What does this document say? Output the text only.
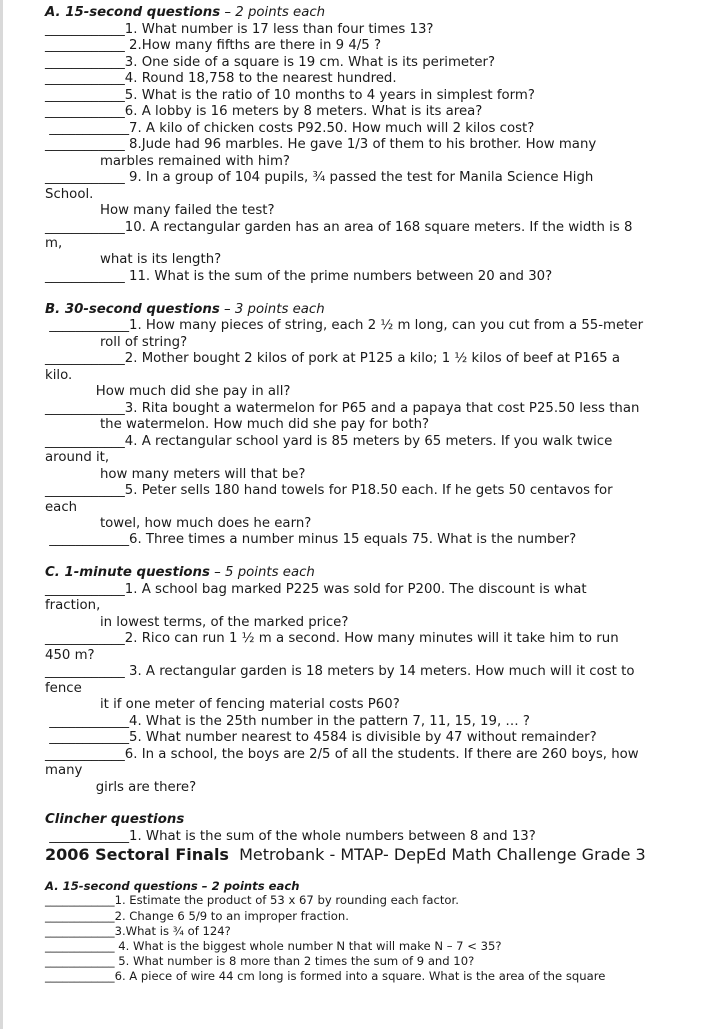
A. 15-second questions – 2 points each
____________1. What number is 17 less than four times 13?
____________ 2.How many fifths are there in 9 4/5 ?
____________3. One side of a square is 19 cm. What is its perimeter?
____________4. Round 18,758 to the nearest hundred.
____________5. What is the ratio of 10 months to 4 years in simplest form?
____________6. A lobby is 16 meters by 8 meters. What is its area?
____________7. A kilo of chicken costs P92.50. How much will 2 kilos cost?
____________ 8.Jude had 96 marbles. He gave 1/3 of them to his brother. How many
marbles remained with him?
____________ 9. In a group of 104 pupils, ¾ passed the test for Manila Science High
School.
How many failed the test?
____________10. A rectangular garden has an area of 168 square meters. If the width is 8
m,
what is its length?
____________ 11. What is the sum of the prime numbers between 20 and 30?
B. 30-second questions – 3 points each
____________1. How many pieces of string, each 2 ½ m long, can you cut from a 55-meter
roll of string?
____________2. Mother bought 2 kilos of pork at P125 a kilo; 1 ½ kilos of beef at P165 a
kilo.
How much did she pay in all?
____________3. Rita bought a watermelon for P65 and a papaya that cost P25.50 less than
the watermelon. How much did she pay for both?
____________4. A rectangular school yard is 85 meters by 65 meters. If you walk twice
around it,
how many meters will that be?
____________5. Peter sells 180 hand towels for P18.50 each. If he gets 50 centavos for
each
towel, how much does he earn?
____________6. Three times a number minus 15 equals 75. What is the number?
C. 1-minute questions – 5 points each
____________1. A school bag marked P225 was sold for P200. The discount is what
fraction,
in lowest terms, of the marked price?
____________2. Rico can run 1 ½ m a second. How many minutes will it take him to run
450 m?
____________ 3. A rectangular garden is 18 meters by 14 meters. How much will it cost to
fence
it if one meter of fencing material costs P60?
____________4. What is the 25th number in the pattern 7, 11, 15, 19, … ?
____________5. What number nearest to 4584 is divisible by 47 without remainder?
____________6. In a school, the boys are 2/5 of all the students. If there are 260 boys, how
many
girls are there?
Clincher questions
____________1. What is the sum of the whole numbers between 8 and 13?
2006 Sectoral Finals  Metrobank - MTAP- DepEd Math Challenge Grade 3
A. 15-second questions – 2 points each
____________1. Estimate the product of 53 x 67 by rounding each factor.
____________2. Change 6 5/9 to an improper fraction.
____________3.What is ¾ of 124?
____________ 4. What is the biggest whole number N that will make N – 7 < 35?
____________ 5. What number is 8 more than 2 times the sum of 9 and 10?
____________6. A piece of wire 44 cm long is formed into a square. What is the area of the square
